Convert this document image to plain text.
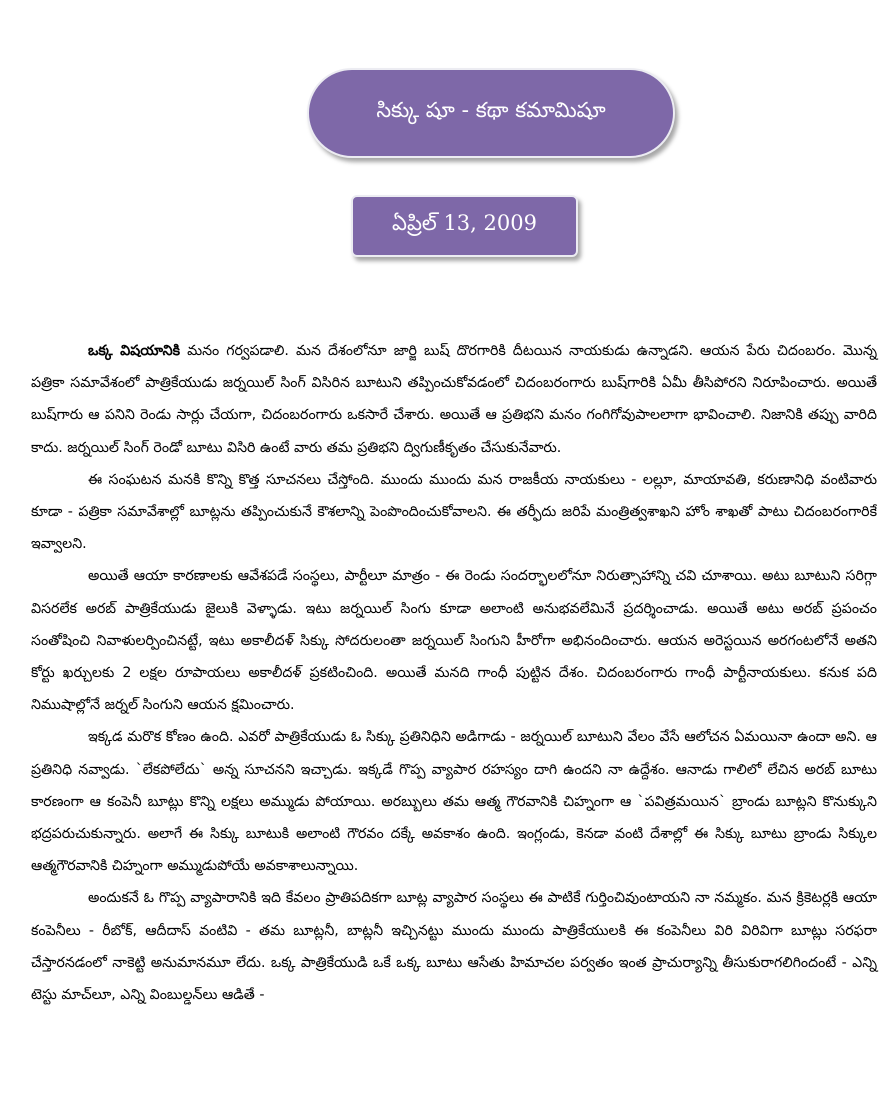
సిక్కు షూ - కథా కమామిషూ
ఏప్రిల్ 13, 2009

ఒక్క విషయానికి మనం గర్వపడాలి. మన దేశంలోనూ జార్జి బుష్ దొరగారికి దీటయిన నాయకుడు ఉన్నాడని. ఆయన పేరు చిదంబరం. మొన్న పత్రికా సమావేశంలో పాత్రికేయుడు జర్నయిల్ సింగ్ విసిరిన బూటుని తప్పించుకోవడంలో చిదంబరంగారు బుష్‌గారికి ఏమీ తీసిపోరని నిరూపించారు. అయితే బుష్‌గారు ఆ పనిని రెండు సార్లు చేయగా, చిదంబరంగారు ఒకసారే చేశారు. అయితే ఆ ప్రతిభని మనం గంగిగోవుపాలలాగా భావించాలి. నిజానికి తప్పు వారిది కాదు. జర్నయిల్ సింగ్ రెండో బూటు విసిరి ఉంటే వారు తమ ప్రతిభని ద్విగుణీకృతం చేసుకునేవారు.

ఈ సంఘటన మనకి కొన్ని కొత్త సూచనలు చేస్తోంది. ముందు ముందు మన రాజకీయ నాయకులు - లల్లూ, మాయావతి, కరుణానిధి వంటివారు కూడా - పత్రికా సమావేశాల్లో బూట్లను తప్పించుకునే కౌశలాన్ని పెంపొందించుకోవాలని. ఈ తర్ఫీదు జరిపే మంత్రిత్వశాఖని హోం శాఖతో పాటు చిదంబరంగారికే ఇవ్వాలని.

అయితే ఆయా కారణాలకు ఆవేశపడే సంస్థలు, పార్టీలూ మాత్రం - ఈ రెండు సందర్భాలలోనూ నిరుత్సాహాన్ని చవి చూశాయి. అటు బూటుని సరిగ్గా విసరలేక అరబ్ పాత్రికేయుడు జైలుకి వెళ్ళాడు. ఇటు జర్నయిల్ సింగు కూడా అలాంటి అనుభవలేమినే ప్రదర్శించాడు. అయితే అటు అరబ్ ప్రపంచం సంతోషించి నివాళులర్పించినట్టే, ఇటు అకాలీదళ్ సిక్కు సోదరులంతా జర్నయిల్ సింగుని హీరోగా అభినందించారు. ఆయన అరెస్టయిన అరగంటలోనే అతని కోర్టు ఖర్చులకు 2 లక్షల రూపాయలు అకాలీదళ్ ప్రకటించింది. అయితే మనది గాంధీ పుట్టిన దేశం. చిదంబరంగారు గాంధీ పార్టీనాయకులు. కనుక పది నిముషాల్లోనే జర్నల్ సింగుని ఆయన క్షమించారు.

ఇక్కడ మరొక కోణం ఉంది. ఎవరో పాత్రికేయుడు ఓ సిక్కు ప్రతినిధిని అడిగాడు - జర్నయిల్ బూటుని వేలం వేసే ఆలోచన ఏమయినా ఉందా అని. ఆ ప్రతినిధి నవ్వాడు. `లేకపోలేదు` అన్న సూచనని ఇచ్చాడు. ఇక్కడే గొప్ప వ్యాపార రహస్యం దాగి ఉందని నా ఉద్దేశం. ఆనాడు గాలిలో లేచిన అరబ్ బూటు కారణంగా ఆ కంపెనీ బూట్లు కొన్ని లక్షలు అమ్ముడు పోయాయి. అరబ్బులు తమ ఆత్మ గౌరవానికి చిహ్నంగా ఆ `పవిత్రమయిన` బ్రాండు బూట్లని కొనుక్కుని భద్రపరుచుకున్నారు. అలాగే ఈ సిక్కు బూటుకి అలాంటి గౌరవం దక్కే అవకాశం ఉంది. ఇంగ్లండు, కెనడా వంటి దేశాల్లో ఈ సిక్కు బూటు బ్రాండు సిక్కుల ఆత్మగౌరవానికి చిహ్నంగా అమ్ముడుపోయే అవకాశాలున్నాయి.

అందుకనే ఓ గొప్ప వ్యాపారానికి ఇది కేవలం ప్రాతిపదికగా బూట్ల వ్యాపార సంస్థలు ఈ పాటికే గుర్తించివుంటాయని నా నమ్మకం. మన క్రికెటర్లకి ఆయా కంపెనీలు - రీబోక్, ఆదీదాస్ వంటివి - తమ బూట్లనీ, బాట్లనీ ఇచ్చినట్టు ముందు ముందు పాత్రికేయులకి ఈ కంపెనీలు విరి విరివిగా బూట్లు సరఫరా చేస్తారనడంలో నాకెట్టి అనుమానమూ లేదు. ఒక్క పాత్రికేయుడి ఒకే ఒక్క బూటు ఆసేతు హిమాచల పర్వతం ఇంత ప్రాచుర్యాన్ని తీసుకురాగలిగిందంటే - ఎన్ని టెస్టు మాచ్‌లూ, ఎన్ని వింబుల్డన్‌లు ఆడితే -
